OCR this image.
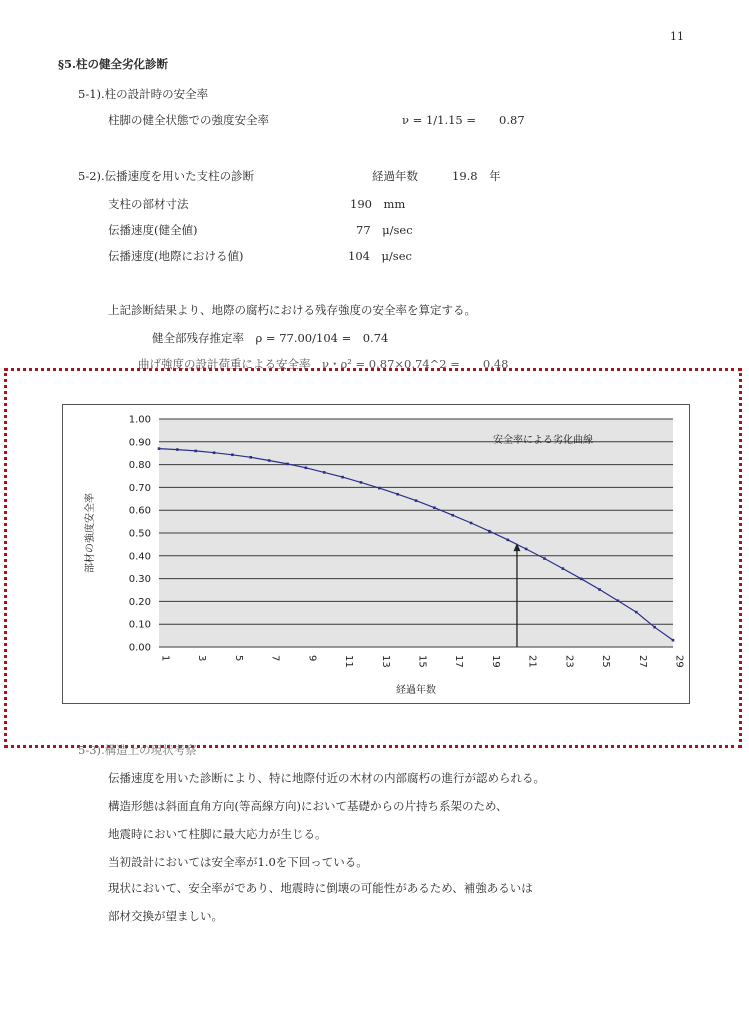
11
§5.柱の健全劣化診断
5-1).柱の設計時の安全率
柱脚の健全状態での強度安全率	ν = 1/1.15 =　　0.87
5-2).伝播速度を用いた支柱の診断	経過年数	19.8　年
支柱の部材寸法	190　mm
伝播速度(健全値)	77　μ/sec
伝播速度(地際における値)	104　μ/sec
上記診断結果より、地際の腐朽における残存強度の安全率を算定する。
健全部残存推定率　ρ = 77.00/104 =　0.74
曲げ強度の設計荷重による安全率　ν・ρ² = 0.87×0.74^2 =　　0.48
0.00
0.10
0.20
0.30
0.40
0.50
0.60
0.70
0.80
0.90
1.00
1	3	5	7	9	11	13	15	17	19	21	23	25	27	29
安全率による劣化曲線
経過年数
部材の強度安全率
5-3).構造上の現状考察
伝播速度を用いた診断により、特に地際付近の木材の内部腐朽の進行が認められる。
構造形態は斜面直角方向(等高線方向)において基礎からの片持ち系架のため、
地震時において柱脚に最大応力が生じる。
当初設計においては安全率が1.0を下回っている。
現状において、安全率がであり、地震時に倒壊の可能性があるため、補強あるいは
部材交換が望ましい。
